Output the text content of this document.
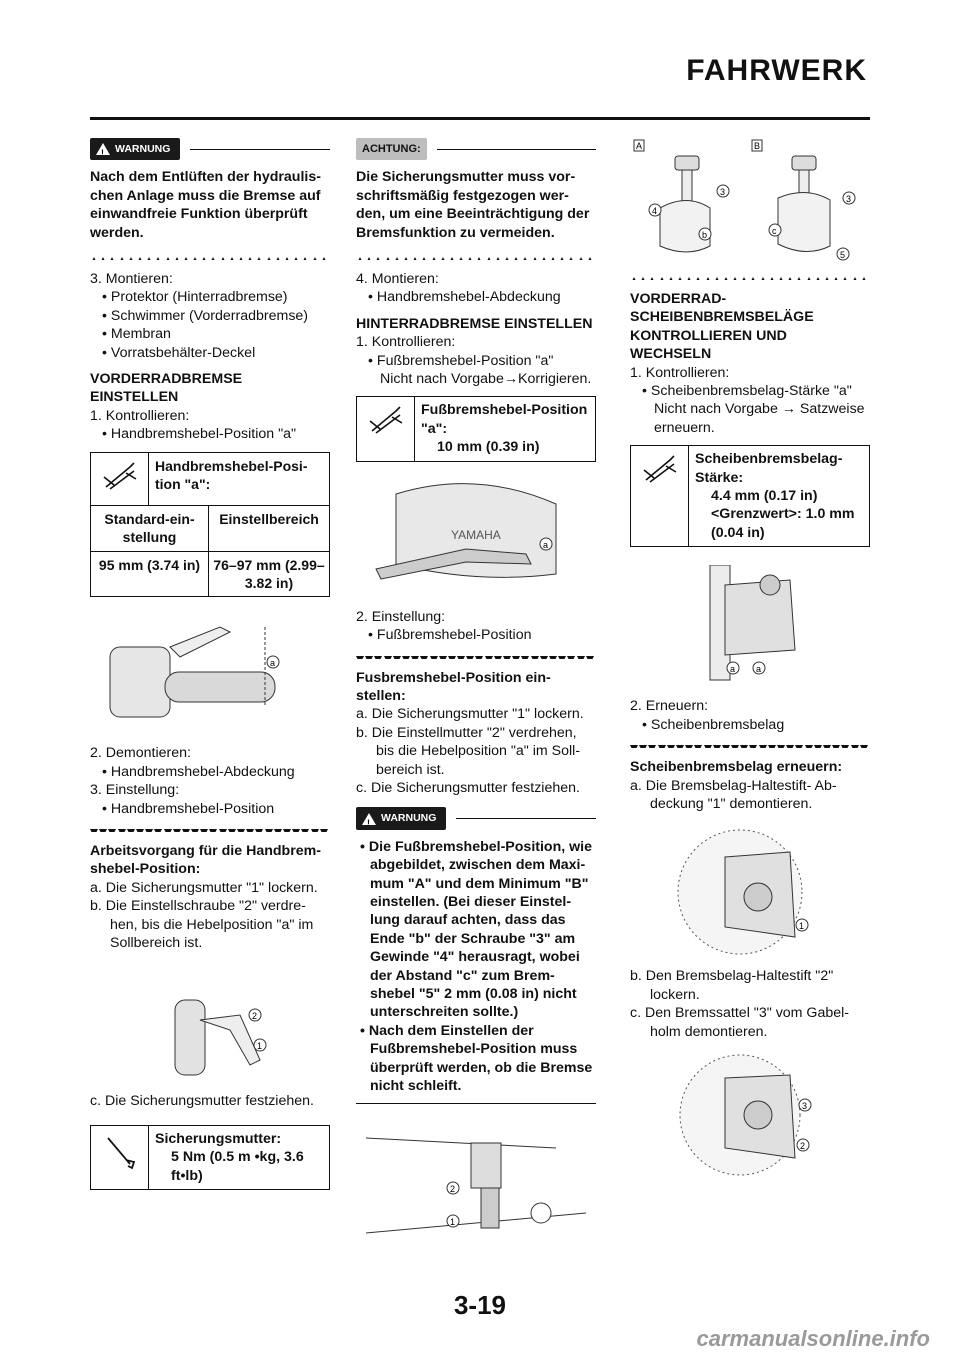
FAHRWERK
!
WARNUNG
Nach dem Entlüften der hydraulis-chen Anlage muss die Bremse auf einwandfreie Funktion überprüft werden.

3. Montieren:

• Protektor (Hinterradbremse)

• Schwimmer (Vorderradbremse)

• Membran

• Vorratsbehälter-Deckel

VORDERRADBREMSE EINSTELLEN

1. Kontrollieren:

• Handbremshebel-Position "a"

Handbremshebel-Posi-tion "a":
Standard-ein-stellung
Einstellbereich
95 mm (3.74 in) 76–97 mm (2.99–3.82 in)
a

2. Demontieren:

• Handbremshebel-Abdeckung

3. Einstellung:

• Handbremshebel-Position

Arbeitsvorgang für die Handbrem-shebel-Position:

a. Die Sicherungsmutter "1" lockern.

b. Die Einstellschraube "2" verdre-hen, bis die Hebelposition "a" im Sollbereich ist.

2
1

c. Die Sicherungsmutter festziehen.

Sicherungsmutter:
5 Nm (0.5 m •kg, 3.6 ft•lb)
ACHTUNG:
Die Sicherungsmutter muss vor-schriftsmäßig festgezogen wer-den, um eine Beeinträchtigung der Bremsfunktion zu vermeiden.

4. Montieren:

• Handbremshebel-Abdeckung

HINTERRADBREMSE EINSTELLEN

1. Kontrollieren:

• Fußbremshebel-Position "a"

Nicht nach Vorgabe→Korrigieren.

Fußbremshebel-Position "a":
10 mm (0.39 in)
YAMAHA
a

2. Einstellung:

• Fußbremshebel-Position

Fusbremshebel-Position ein-stellen:

a. Die Sicherungsmutter "1" lockern.

b. Die Einstellmutter "2" verdrehen, bis die Hebelposition "a" im Soll-bereich ist.

c. Die Sicherungsmutter festziehen.

!
WARNUNG

• Die Fußbremshebel-Position, wie abgebildet, zwischen dem Maxi-mum "A" und dem Minimum "B" einstellen. (Bei dieser Einstel-lung darauf achten, dass das Ende "b" der Schraube "3" am Gewinde "4" herausragt, wobei der Abstand "c" zum Brem-shebel "5" 2 mm (0.08 in) nicht unterschreiten sollte.)

• Nach dem Einstellen der Fußbremshebel-Position muss überprüft werden, ob die Bremse nicht schleift.

2
1
A	B
3
4
b
3
c
5

VORDERRAD-SCHEIBENBREMSBELÄGE KONTROLLIEREN UND WECHSELN

1. Kontrollieren:

• Scheibenbremsbelag-Stärke "a"

Nicht nach Vorgabe → Satzweise erneuern.

Scheibenbremsbelag-Stärke:
4.4 mm (0.17 in)
<Grenzwert>: 1.0 mm (0.04 in)
a a

2. Erneuern:

• Scheibenbremsbelag

Scheibenbremsbelag erneuern:

a. Die Bremsbelag-Haltestift- Ab-deckung "1" demontieren.

1

b. Den Bremsbelag-Haltestift "2" lockern.

c. Den Bremssattel "3" vom Gabel-holm demontieren.

3
2
3-19
carmanualsonline.info
